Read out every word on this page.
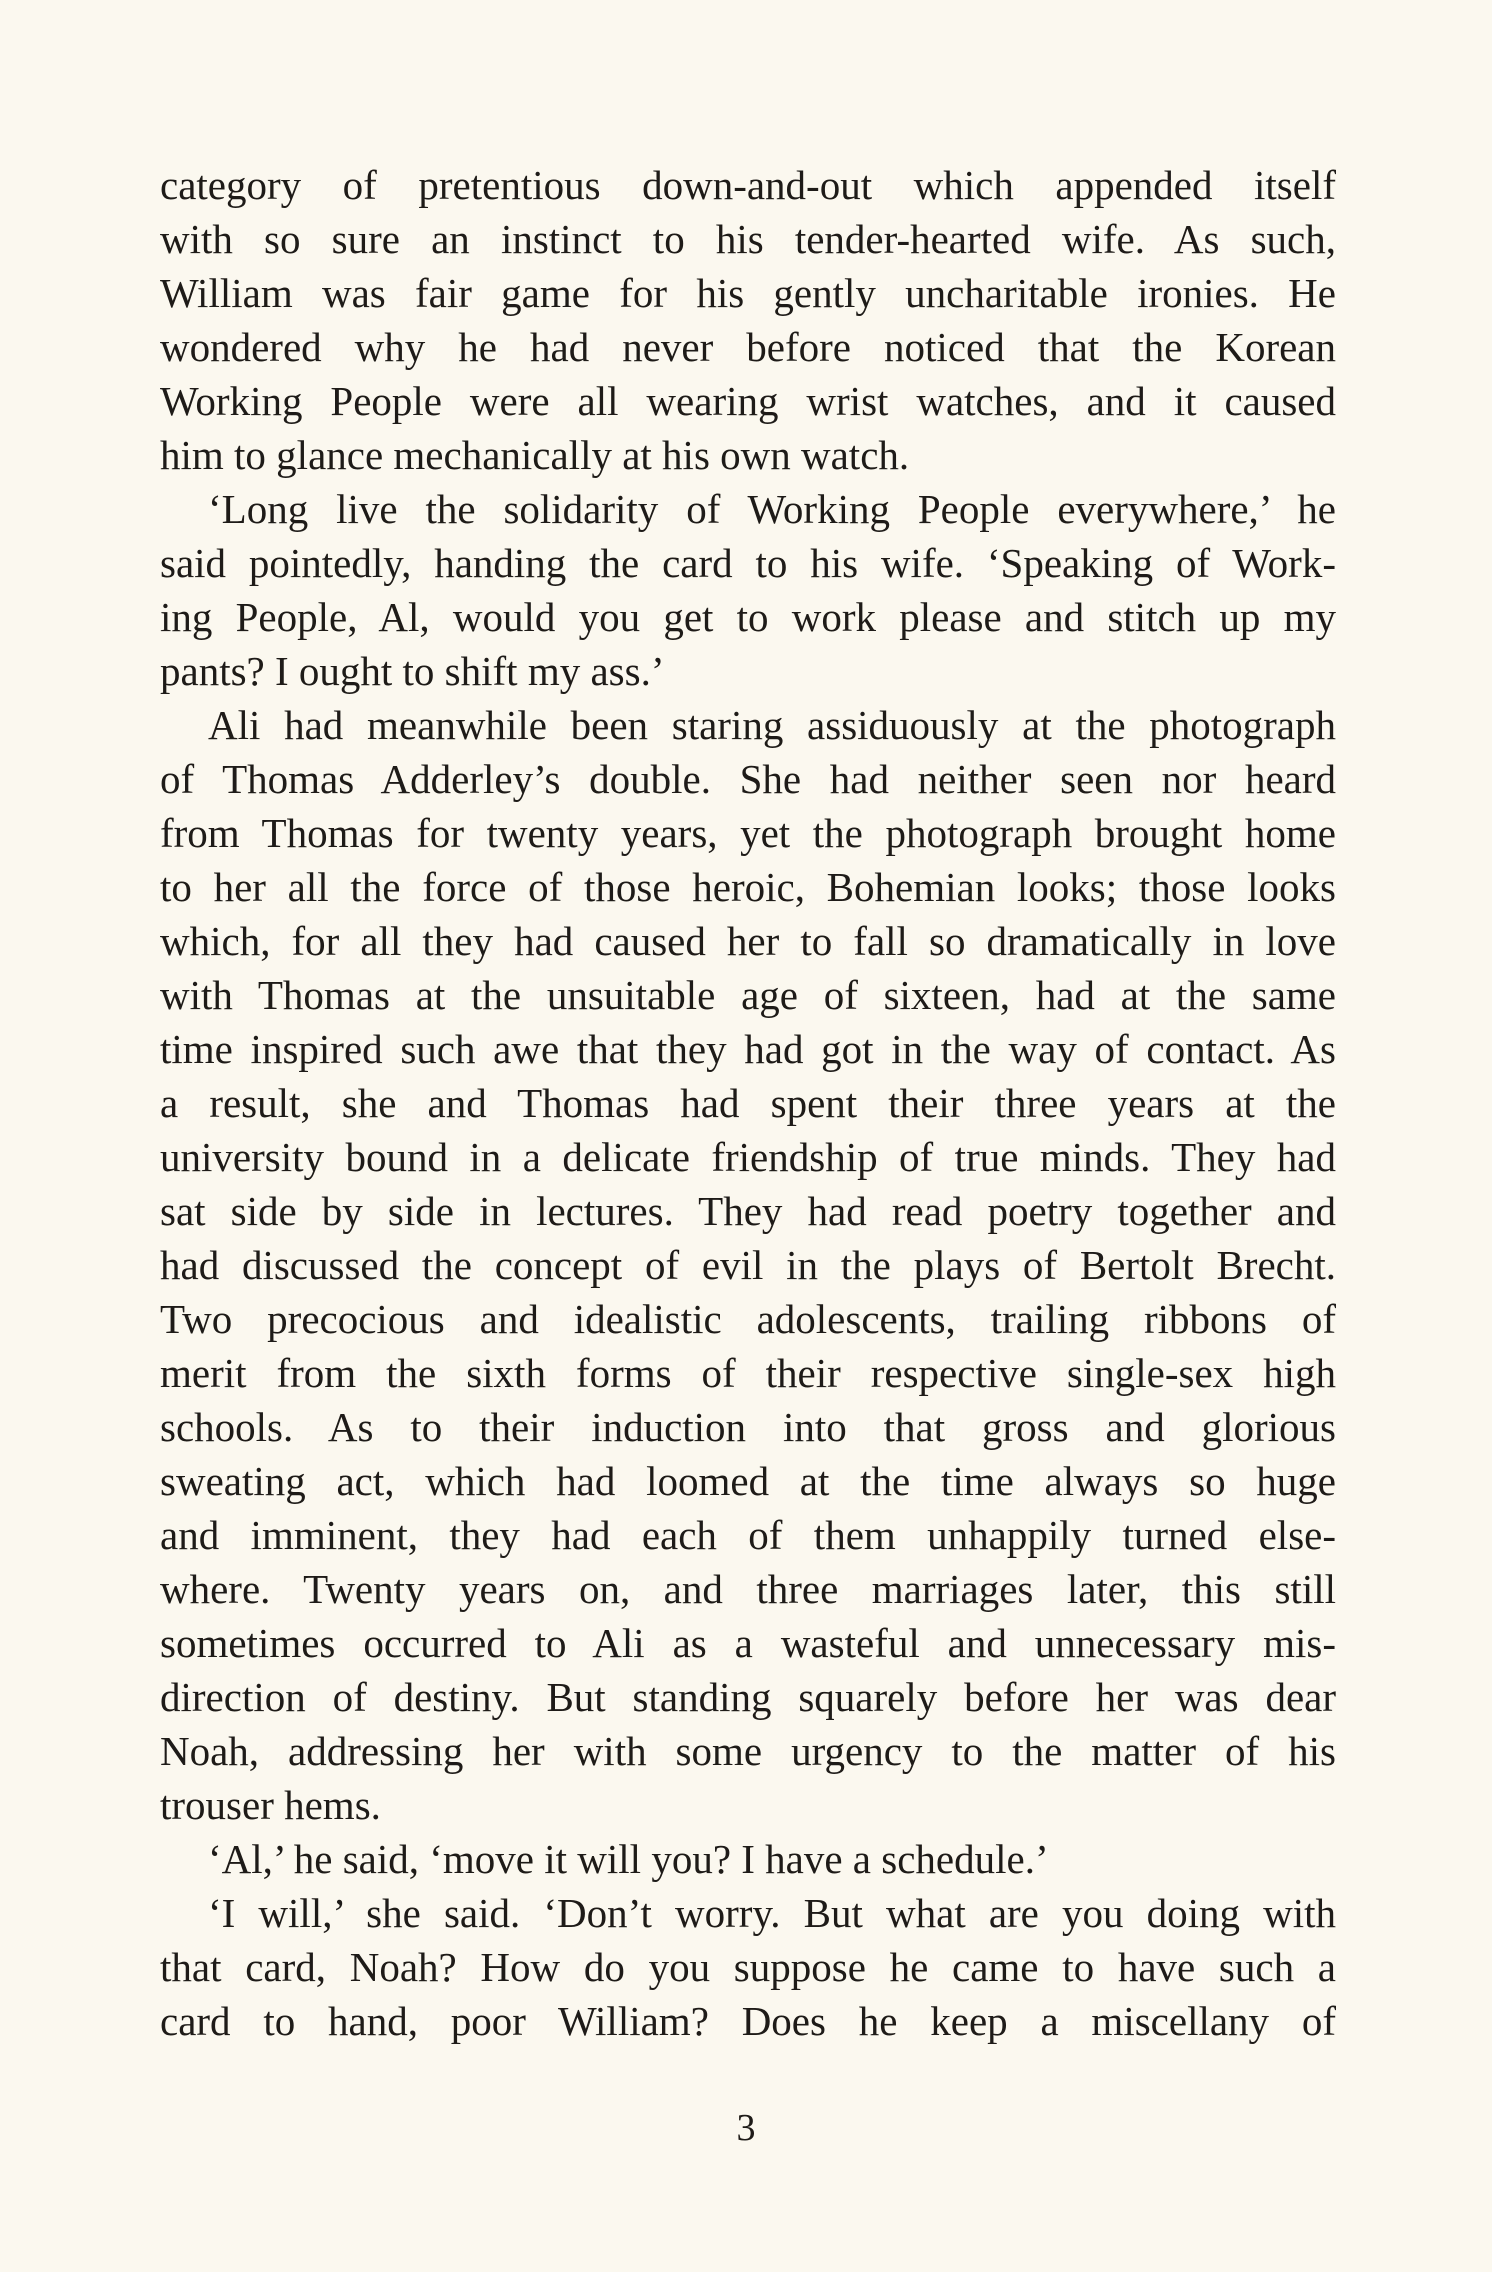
category of pretentious down-and-out which appended itself
with so sure an instinct to his tender-hearted wife. As such,
William was fair game for his gently uncharitable ironies. He
wondered why he had never before noticed that the Korean
Working People were all wearing wrist watches, and it caused
him to glance mechanically at his own watch.
‘Long live the solidarity of Working People everywhere,’ he
said pointedly, handing the card to his wife. ‘Speaking of Work-
ing People, Al, would you get to work please and stitch up my
pants? I ought to shift my ass.’
Ali had meanwhile been staring assiduously at the photograph
of Thomas Adderley’s double. She had neither seen nor heard
from Thomas for twenty years, yet the photograph brought home
to her all the force of those heroic, Bohemian looks; those looks
which, for all they had caused her to fall so dramatically in love
with Thomas at the unsuitable age of sixteen, had at the same
time inspired such awe that they had got in the way of contact. As
a result, she and Thomas had spent their three years at the
university bound in a delicate friendship of true minds. They had
sat side by side in lectures. They had read poetry together and
had discussed the concept of evil in the plays of Bertolt Brecht.
Two precocious and idealistic adolescents, trailing ribbons of
merit from the sixth forms of their respective single-sex high
schools. As to their induction into that gross and glorious
sweating act, which had loomed at the time always so huge
and imminent, they had each of them unhappily turned else-
where. Twenty years on, and three marriages later, this still
sometimes occurred to Ali as a wasteful and unnecessary mis-
direction of destiny. But standing squarely before her was dear
Noah, addressing her with some urgency to the matter of his
trouser hems.
‘Al,’ he said, ‘move it will you? I have a schedule.’
‘I will,’ she said. ‘Don’t worry. But what are you doing with
that card, Noah? How do you suppose he came to have such a
card to hand, poor William? Does he keep a miscellany of
3
